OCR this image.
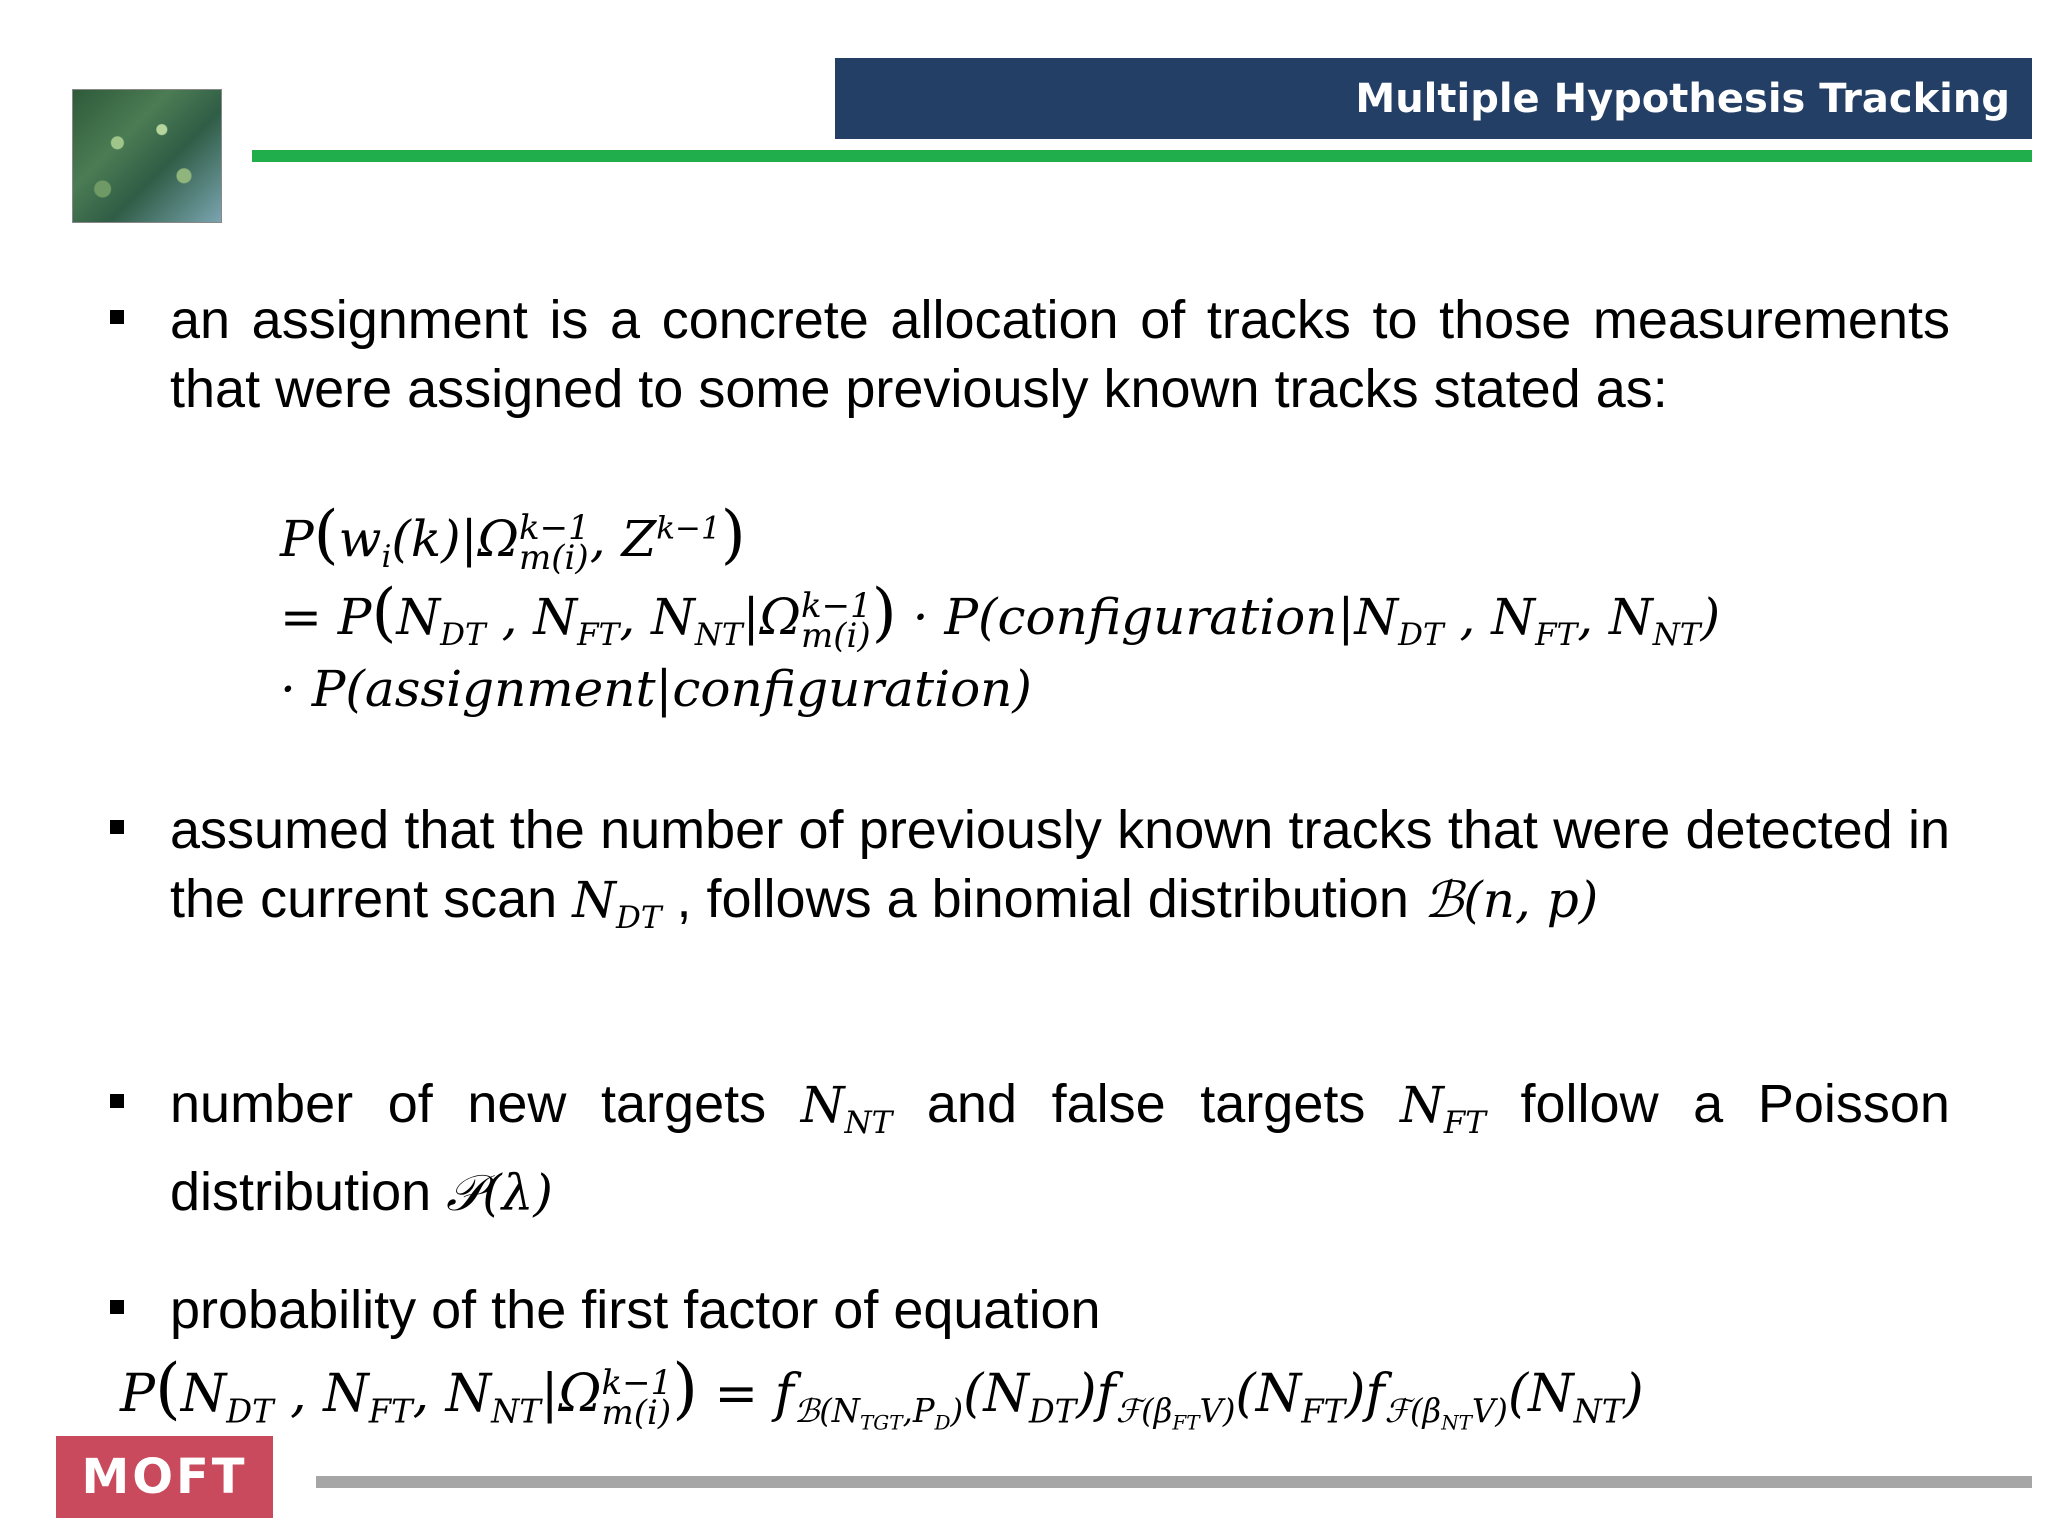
Multiple Hypothesis Tracking
an assignment is a concrete allocation of tracks to those measurements that were assigned to some previously known tracks stated as:
$P(w_i(k)|\Omega$ k−1
m(i) , $Z^{k-1}$)
= $P(N_{DT}$ , $N_{FT}$, $N_{NT}|\Omega$ k−1
m(i) ) · $P(configuration|N_{DT}$ , $N_{FT}$, $N_{NT}$)
· P(assignment|configuration)
assumed that the number of previously known tracks that were detected in the current scan $N_{DT}$ , follows a binomial distribution ℬ(n, p)
number of new targets $N_{NT}$ and false targets $N_{FT}$ follow a Poisson distribution 𝒫(λ)
probability of the first factor of equation
$P(N_{DT}$ , $N_{FT}$, $N_{NT}|\Omega$ k−1
m(i) ) = $f_{ℬ(N_{TGT},P_D)}(N_{DT})f_{ℱ(\beta_{FT}V)}(N_{FT})f_{ℱ(\beta_{NT}V)}(N_{NT})$
MOFT
